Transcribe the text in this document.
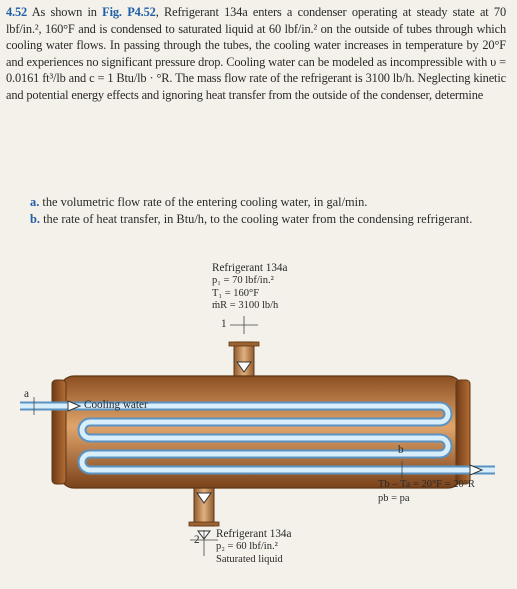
4.52 As shown in Fig. P4.52, Refrigerant 134a enters a condenser operating at steady state at 70 lbf/in.², 160°F and is condensed to saturated liquid at 60 lbf/in.² on the outside of tubes through which cooling water flows. In passing through the tubes, the cooling water increases in temperature by 20°F and experiences no significant pressure drop. Cooling water can be modeled as incompressible with υ = 0.0161 ft³/lb and c = 1 Btu/lb · °R. The mass flow rate of the refrigerant is 3100 lb/h. Neglecting kinetic and potential energy effects and ignoring heat transfer from the outside of the condenser, determine
a. the volumetric flow rate of the entering cooling water, in gal/min.
b. the rate of heat transfer, in Btu/h, to the cooling water from the condensing refrigerant.
Refrigerant 134a
p₁ = 70 lbf/in.²
T₁ = 160°F
ṁR = 3100 lb/h
1
a
Cooling water
b
Tb – Ta = 20°F = 20°R
pb = pa
Refrigerant 134a
p₂ = 60 lbf/in.²
Saturated liquid
2
